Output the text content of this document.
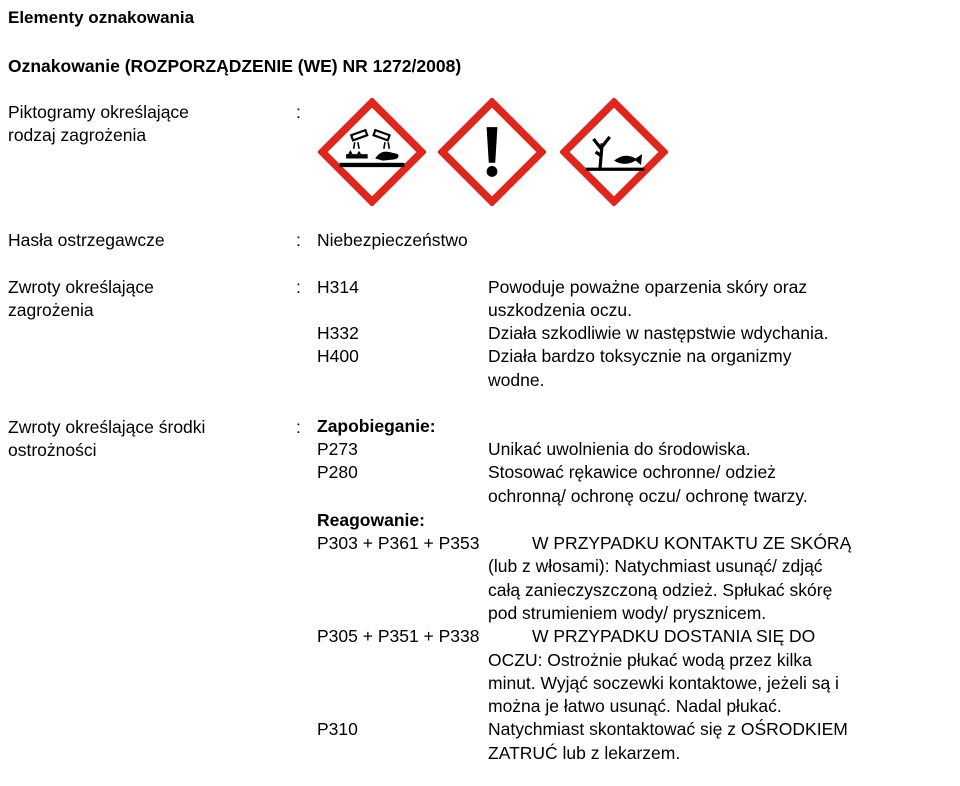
Elementy oznakowania
Oznakowanie (ROZPORZĄDZENIE (WE) NR 1272/2008)
Piktogramy określające
rodzaj zagrożenia
:
Hasła ostrzegawcze	: Niebezpieczeństwo
Zwroty określające
zagrożenia
: H314	Powoduje poważne oparzenia skóry oraz
uszkodzenia oczu.
H332	Działa szkodliwie w następstwie wdychania.
H400	Działa bardzo toksycznie na organizmy
wodne.
Zwroty określające środki
ostrożności
: Zapobieganie:
P273	Unikać uwolnienia do środowiska.
P280	Stosować rękawice ochronne/ odzież
ochronną/ ochronę oczu/ ochronę twarzy.
Reagowanie:
P303 + P361 + P353	W PRZYPADKU KONTAKTU ZE SKÓRĄ
(lub z włosami): Natychmiast usunąć/ zdjąć
całą zanieczyszczoną odzież. Spłukać skórę
pod strumieniem wody/ prysznicem.
P305 + P351 + P338	W PRZYPADKU DOSTANIA SIĘ DO
OCZU: Ostrożnie płukać wodą przez kilka
minut. Wyjąć soczewki kontaktowe, jeżeli są i
można je łatwo usunąć. Nadal płukać.
P310	Natychmiast skontaktować się z OŚRODKIEM
ZATRUĆ lub z lekarzem.
